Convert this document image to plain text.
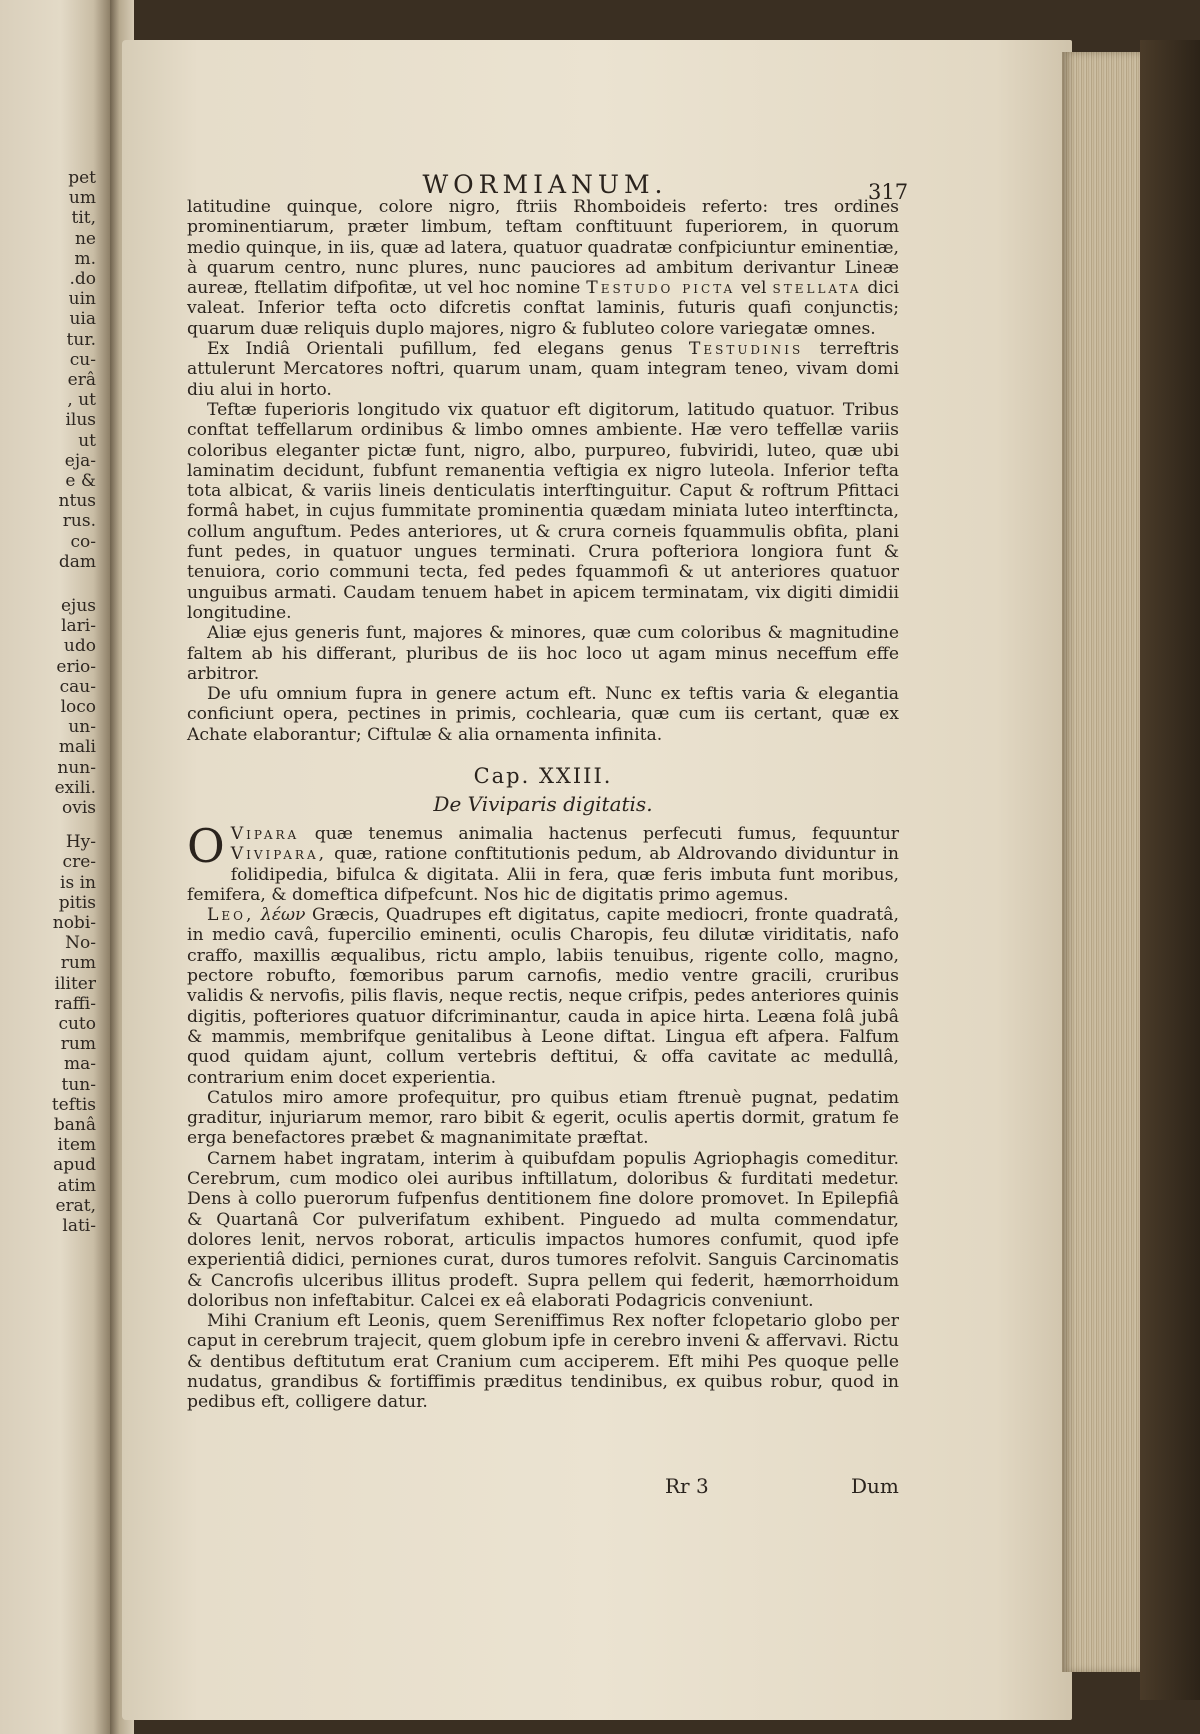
pet
um
tit,
ne
m.
.do
uin
uia
tur.
cu-
erâ
, ut
ilus
ut
eja-
e &
ntus
rus.
co-
dam
ejus
lari-
udo
erio-
cau-
loco
un-
mali
nun-
exili.
ovis
Hy-
cre-
is in
pitis
nobi-
No-
rum
iliter
raffi-
cuto
rum
ma-
tun-
teftis
banâ
item
apud
atim
erat,
lati-
WORMIANUM.	317

latitudine quinque, colore nigro, ftriis Rhomboideis referto: tres ordines prominentiarum, præter limbum, teftam conftituunt fuperiorem, in quorum medio quinque, in iis, quæ ad latera, quatuor quadratæ confpiciuntur eminentiæ, à quarum centro, nunc plures, nunc pauciores ad ambitum derivantur Lineæ aureæ, ftellatim difpofitæ, ut vel hoc nomine Testudo picta vel stellata dici valeat. Inferior tefta octo difcretis conftat laminis, futuris quafi conjunctis; quarum duæ reliquis duplo majores, nigro & fubluteo colore variegatæ omnes.

Ex Indiâ Orientali pufillum, fed elegans genus Testudinis terreftris attulerunt Mercatores noftri, quarum unam, quam integram teneo, vivam domi diu alui in horto.

Teftæ fuperioris longitudo vix quatuor eft digitorum, latitudo quatuor. Tribus conftat teffellarum ordinibus & limbo omnes ambiente. Hæ vero teffellæ variis coloribus eleganter pictæ funt, nigro, albo, purpureo, fubviridi, luteo, quæ ubi laminatim decidunt, fubfunt remanentia veftigia ex nigro luteola. Inferior tefta tota albicat, & variis lineis denticulatis interftinguitur. Caput & roftrum Pfittaci formâ habet, in cujus fummitate prominentia quædam miniata luteo interftincta, collum anguftum. Pedes anteriores, ut & crura corneis fquammulis obfita, plani funt pedes, in quatuor ungues terminati. Crura pofteriora longiora funt & tenuiora, corio communi tecta, fed pedes fquammofi & ut anteriores quatuor unguibus armati. Caudam tenuem habet in apicem terminatam, vix digiti dimidii longitudine.

Aliæ ejus generis funt, majores & minores, quæ cum coloribus & magnitudine faltem ab his differant, pluribus de iis hoc loco ut agam minus neceffum effe arbitror.

De ufu omnium fupra in genere actum eft. Nunc ex teftis varia & elegantia conficiunt opera, pectines in primis, cochlearia, quæ cum iis certant, quæ ex Achate elaborantur; Ciftulæ & alia ornamenta infinita.

Cap. XXIII.
De Viviparis digitatis.

O Vipara quæ tenemus animalia hactenus perfecuti fumus, fequuntur Vivipara, quæ, ratione conftitutionis pedum, ab Aldrovando dividuntur in folidipedia, bifulca & digitata. Alii in fera, quæ feris imbuta funt moribus, femifera, & domeftica difpefcunt. Nos hic de digitatis primo agemus.

Leo, λέων Græcis, Quadrupes eft digitatus, capite mediocri, fronte quadratâ, in medio cavâ, fupercilio eminenti, oculis Charopis, feu dilutæ viriditatis, nafo craffo, maxillis æqualibus, rictu amplo, labiis tenuibus, rigente collo, magno, pectore robufto, fœmoribus parum carnofis, medio ventre gracili, cruribus validis & nervofis, pilis flavis, neque rectis, neque crifpis, pedes anteriores quinis digitis, pofteriores quatuor difcriminantur, cauda in apice hirta. Leæna folâ jubâ & mammis, membrifque genitalibus à Leone diftat. Lingua eft afpera. Falfum quod quidam ajunt, collum vertebris deftitui, & offa cavitate ac medullâ, contrarium enim docet experientia.

Catulos miro amore profequitur, pro quibus etiam ftrenuè pugnat, pedatim graditur, injuriarum memor, raro bibit & egerit, oculis apertis dormit, gratum fe erga benefactores præbet & magnanimitate præftat.

Carnem habet ingratam, interim à quibufdam populis Agriophagis comeditur. Cerebrum, cum modico olei auribus inftillatum, doloribus & furditati medetur. Dens à collo puerorum fufpenfus dentitionem fine dolore promovet. In Epilepfiâ & Quartanâ Cor pulverifatum exhibent. Pinguedo ad multa commendatur, dolores lenit, nervos roborat, articulis impactos humores confumit, quod ipfe experientiâ didici, perniones curat, duros tumores refolvit. Sanguis Carcinomatis & Cancrofis ulceribus illitus prodeft. Supra pellem qui federit, hæmorrhoidum doloribus non infeftabitur. Calcei ex eâ elaborati Podagricis conveniunt.

Mihi Cranium eft Leonis, quem Sereniffimus Rex nofter fclopetario globo per caput in cerebrum trajecit, quem globum ipfe in cerebro inveni & affervavi. Rictu & dentibus deftitutum erat Cranium cum acciperem. Eft mihi Pes quoque pelle nudatus, grandibus & fortiffimis præditus tendinibus, ex quibus robur, quod in pedibus eft, colligere datur.

Rr 3	Dum
